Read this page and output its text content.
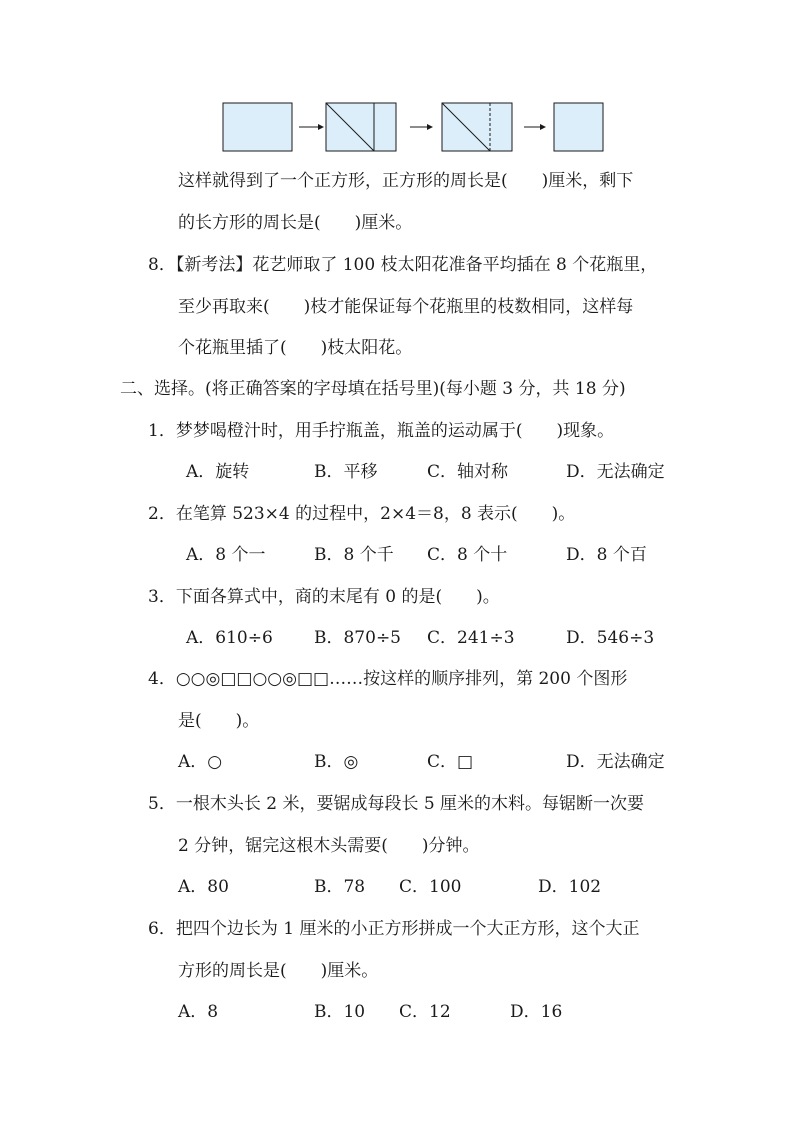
这样就得到了一个正方形，正方形的周长是(　　)厘米，剩下
的长方形的周长是(　　)厘米。
8．【新考法】花艺师取了 100 枝太阳花准备平均插在 8 个花瓶里，
至少再取来(　　)枝才能保证每个花瓶里的枝数相同，这样每
个花瓶里插了(　　)枝太阳花。
二、选择。(将正确答案的字母填在括号里)(每小题 3 分，共 18 分)
1．梦梦喝橙汁时，用手拧瓶盖，瓶盖的运动属于(　　)现象。
A．旋转	B．平移	C．轴对称	D．无法确定
2．在笔算 523×4 的过程中，2×4＝8，8 表示(　　)。
A．8 个一	B．8 个千 C．8 个十	D．8 个百
3．下面各算式中，商的末尾有 0 的是(　　)。
A．610÷6 B．870÷5 C．241÷3	D．546÷3
4．○○◎□□○○◎□□……按这样的顺序排列，第 200 个图形
是(　　)。
A．○	B．◎	C．□	D．无法确定
5．一根木头长 2 米，要锯成每段长 5 厘米的木料。每锯断一次要
2 分钟，锯完这根木头需要(　　)分钟。
A．80	B．78 C．100	D．102
6．把四个边长为 1 厘米的小正方形拼成一个大正方形，这个大正
方形的周长是(　　)厘米。
A．8	B．10 C．12	D．16
